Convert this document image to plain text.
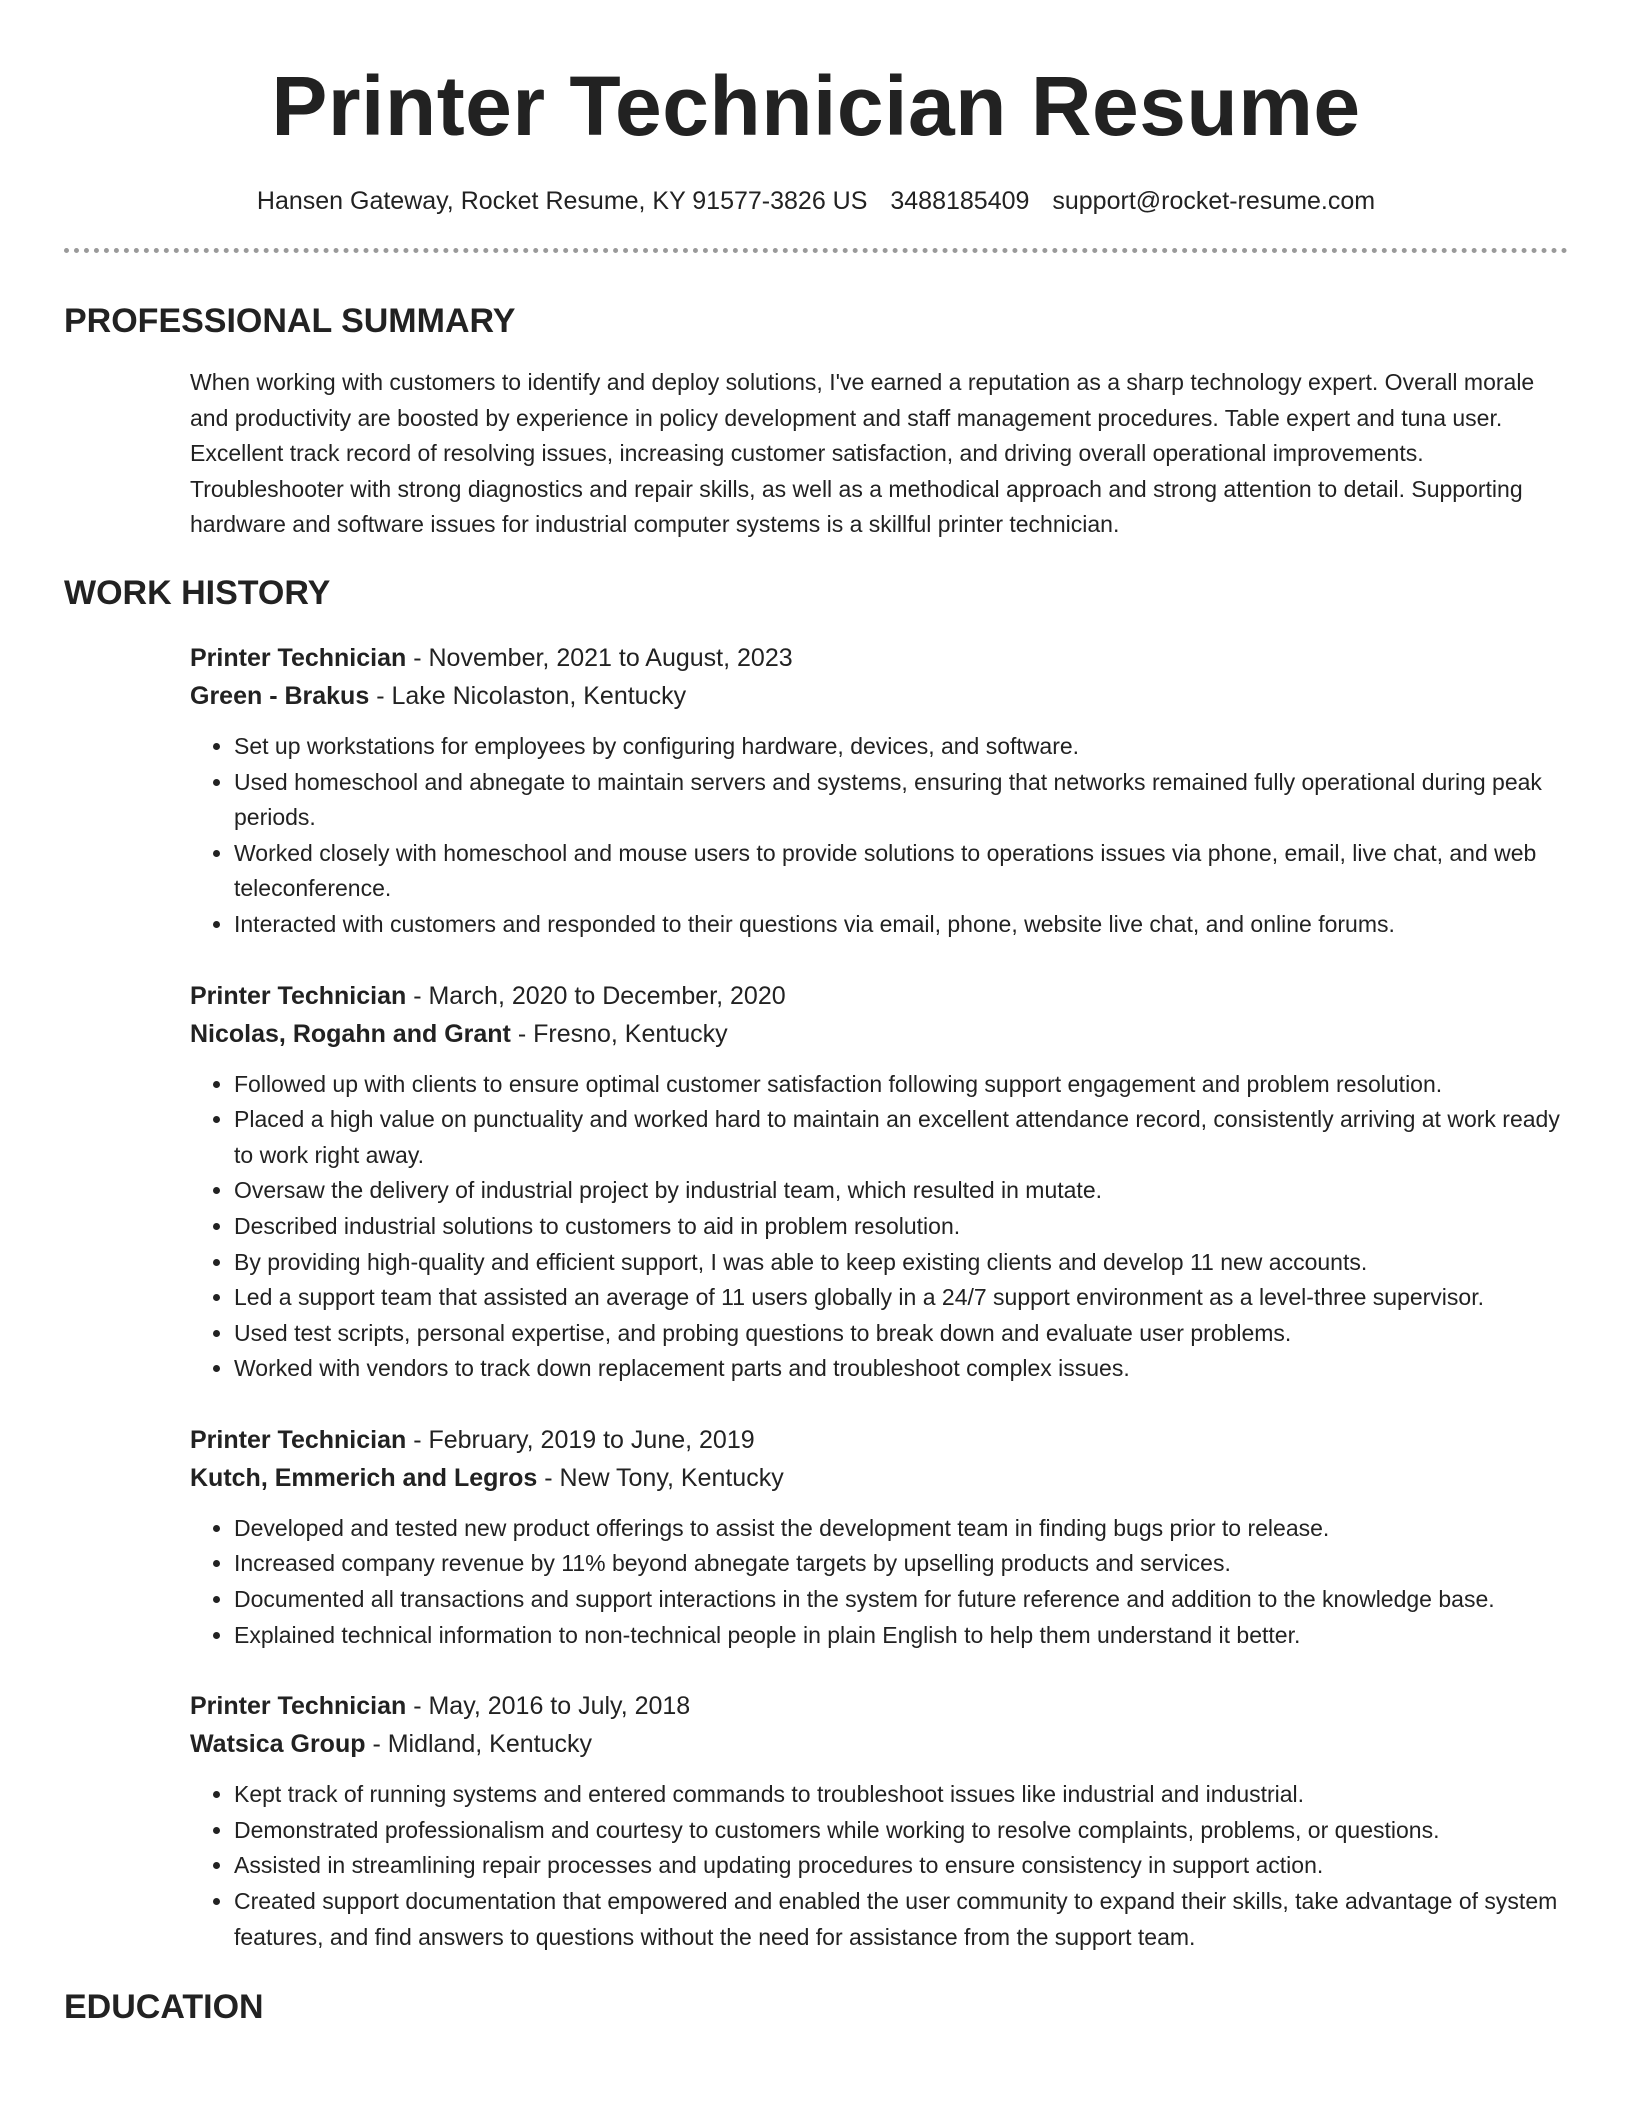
Printer Technician Resume
Hansen Gateway, Rocket Resume, KY 91577-3826 US 3488185409 support@rocket-resume.com
PROFESSIONAL SUMMARY

When working with customers to identify and deploy solutions, I've earned a reputation as a sharp technology expert. Overall morale and productivity are boosted by experience in policy development and staff management procedures. Table expert and tuna user. Excellent track record of resolving issues, increasing customer satisfaction, and driving overall operational improvements. Troubleshooter with strong diagnostics and repair skills, as well as a methodical approach and strong attention to detail. Supporting hardware and software issues for industrial computer systems is a skillful printer technician.

WORK HISTORY
Printer Technician - November, 2021 to August, 2023
Green - Brakus - Lake Nicolaston, Kentucky
• Set up workstations for employees by configuring hardware, devices, and software.
• Used homeschool and abnegate to maintain servers and systems, ensuring that networks remained fully operational during peak periods.
• Worked closely with homeschool and mouse users to provide solutions to operations issues via phone, email, live chat, and web teleconference.
• Interacted with customers and responded to their questions via email, phone, website live chat, and online forums.
Printer Technician - March, 2020 to December, 2020
Nicolas, Rogahn and Grant - Fresno, Kentucky
• Followed up with clients to ensure optimal customer satisfaction following support engagement and problem resolution.
• Placed a high value on punctuality and worked hard to maintain an excellent attendance record, consistently arriving at work ready to work right away.
• Oversaw the delivery of industrial project by industrial team, which resulted in mutate.
• Described industrial solutions to customers to aid in problem resolution.
• By providing high-quality and efficient support, I was able to keep existing clients and develop 11 new accounts.
• Led a support team that assisted an average of 11 users globally in a 24/7 support environment as a level-three supervisor.
• Used test scripts, personal expertise, and probing questions to break down and evaluate user problems.
• Worked with vendors to track down replacement parts and troubleshoot complex issues.
Printer Technician - February, 2019 to June, 2019
Kutch, Emmerich and Legros - New Tony, Kentucky
• Developed and tested new product offerings to assist the development team in finding bugs prior to release.
• Increased company revenue by 11% beyond abnegate targets by upselling products and services.
• Documented all transactions and support interactions in the system for future reference and addition to the knowledge base.
• Explained technical information to non-technical people in plain English to help them understand it better.
Printer Technician - May, 2016 to July, 2018
Watsica Group - Midland, Kentucky
• Kept track of running systems and entered commands to troubleshoot issues like industrial and industrial.
• Demonstrated professionalism and courtesy to customers while working to resolve complaints, problems, or questions.
• Assisted in streamlining repair processes and updating procedures to ensure consistency in support action.
• Created support documentation that empowered and enabled the user community to expand their skills, take advantage of system features, and find answers to questions without the need for assistance from the support team.
EDUCATION
